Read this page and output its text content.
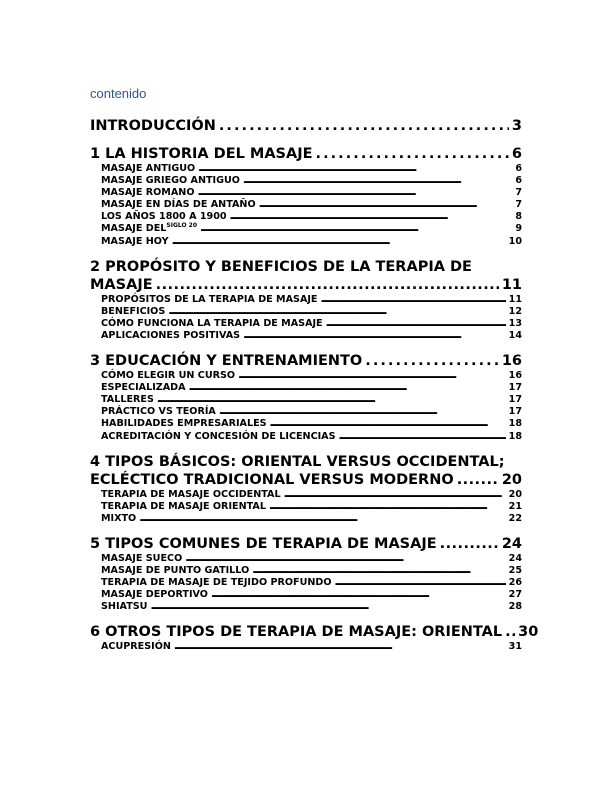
contenido
INTRODUCCIÓN . . .	3
1 LA HISTORIA DEL MASAJE . . .	6
MASAJE ANTIGUO . . .	6
MASAJE GRIEGO ANTIGUO . . .	6
MASAJE ROMANO . . .	7
MASAJE EN DÍAS DE ANTAÑO . . .	7
LOS AÑOS 1800 A 1900 . . .	8
MASAJE $DEL^{SIGLO 20}$ . . .	9
MASAJE HOY . . .	10
2 PROPÓSITO Y BENEFICIOS DE LA TERAPIA DE
MASAJE . . .	11
PROPÓSITOS DE LA TERAPIA DE MASAJE . . .	11
BENEFICIOS . . .	12
CÓMO FUNCIONA LA TERAPIA DE MASAJE . . .	13
APLICACIONES POSITIVAS . . .	14
3 EDUCACIÓN Y ENTRENAMIENTO . . .	16
CÓMO ELEGIR UN CURSO . . .	16
ESPECIALIZADA . . .	17
TALLERES . . .	17
PRÁCTICO VS TEORÍA . . .	17
HABILIDADES EMPRESARIALES . . .	18
ACREDITACIÓN Y CONCESIÓN DE LICENCIAS . . .	18
4 TIPOS BÁSICOS: ORIENTAL VERSUS OCCIDENTAL;
ECLÉCTICO TRADICIONAL VERSUS MODERNO . . .	20
TERAPIA DE MASAJE OCCIDENTAL . . .	20
TERAPIA DE MASAJE ORIENTAL . . .	21
MIXTO . . .	22
5 TIPOS COMUNES DE TERAPIA DE MASAJE . . .	24
MASAJE SUECO . . .	24
MASAJE DE PUNTO GATILLO . . .	25
TERAPIA DE MASAJE DE TEJIDO PROFUNDO . . .	26
MASAJE DEPORTIVO . . .	27
SHIATSU . . .	28
6 OTROS TIPOS DE TERAPIA DE MASAJE: ORIENTAL . . . 30
ACUPRESIÓN . . .	31
